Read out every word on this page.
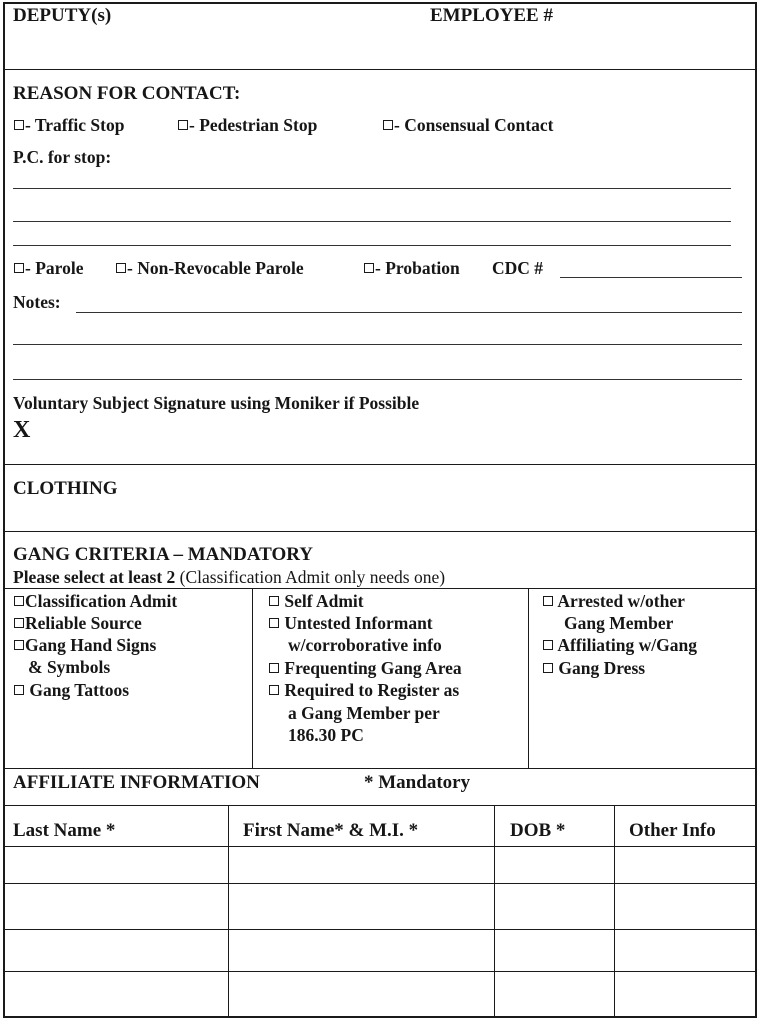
DEPUTY(s)	EMPLOYEE #
REASON FOR CONTACT:
- Traffic Stop	- Pedestrian Stop	- Consensual Contact
P.C. for stop:
- Parole	- Non-Revocable Parole	- Probation CDC #
Notes:
Voluntary Subject Signature using Moniker if Possible
X
CLOTHING
GANG CRITERIA – MANDATORY
Please select at least 2 (Classification Admit only needs one)
Classification Admit
Reliable Source
Gang Hand Signs
& Symbols
Gang Tattoos
Self Admit
Untested Informant
w/corroborative info
Frequenting Gang Area
Required to Register as
a Gang Member per
186.30 PC
Arrested w/other
Gang Member
Affiliating w/Gang
Gang Dress
AFFILIATE INFORMATION	* Mandatory
Last Name *	First Name* & M.I. *	DOB *	Other Info
